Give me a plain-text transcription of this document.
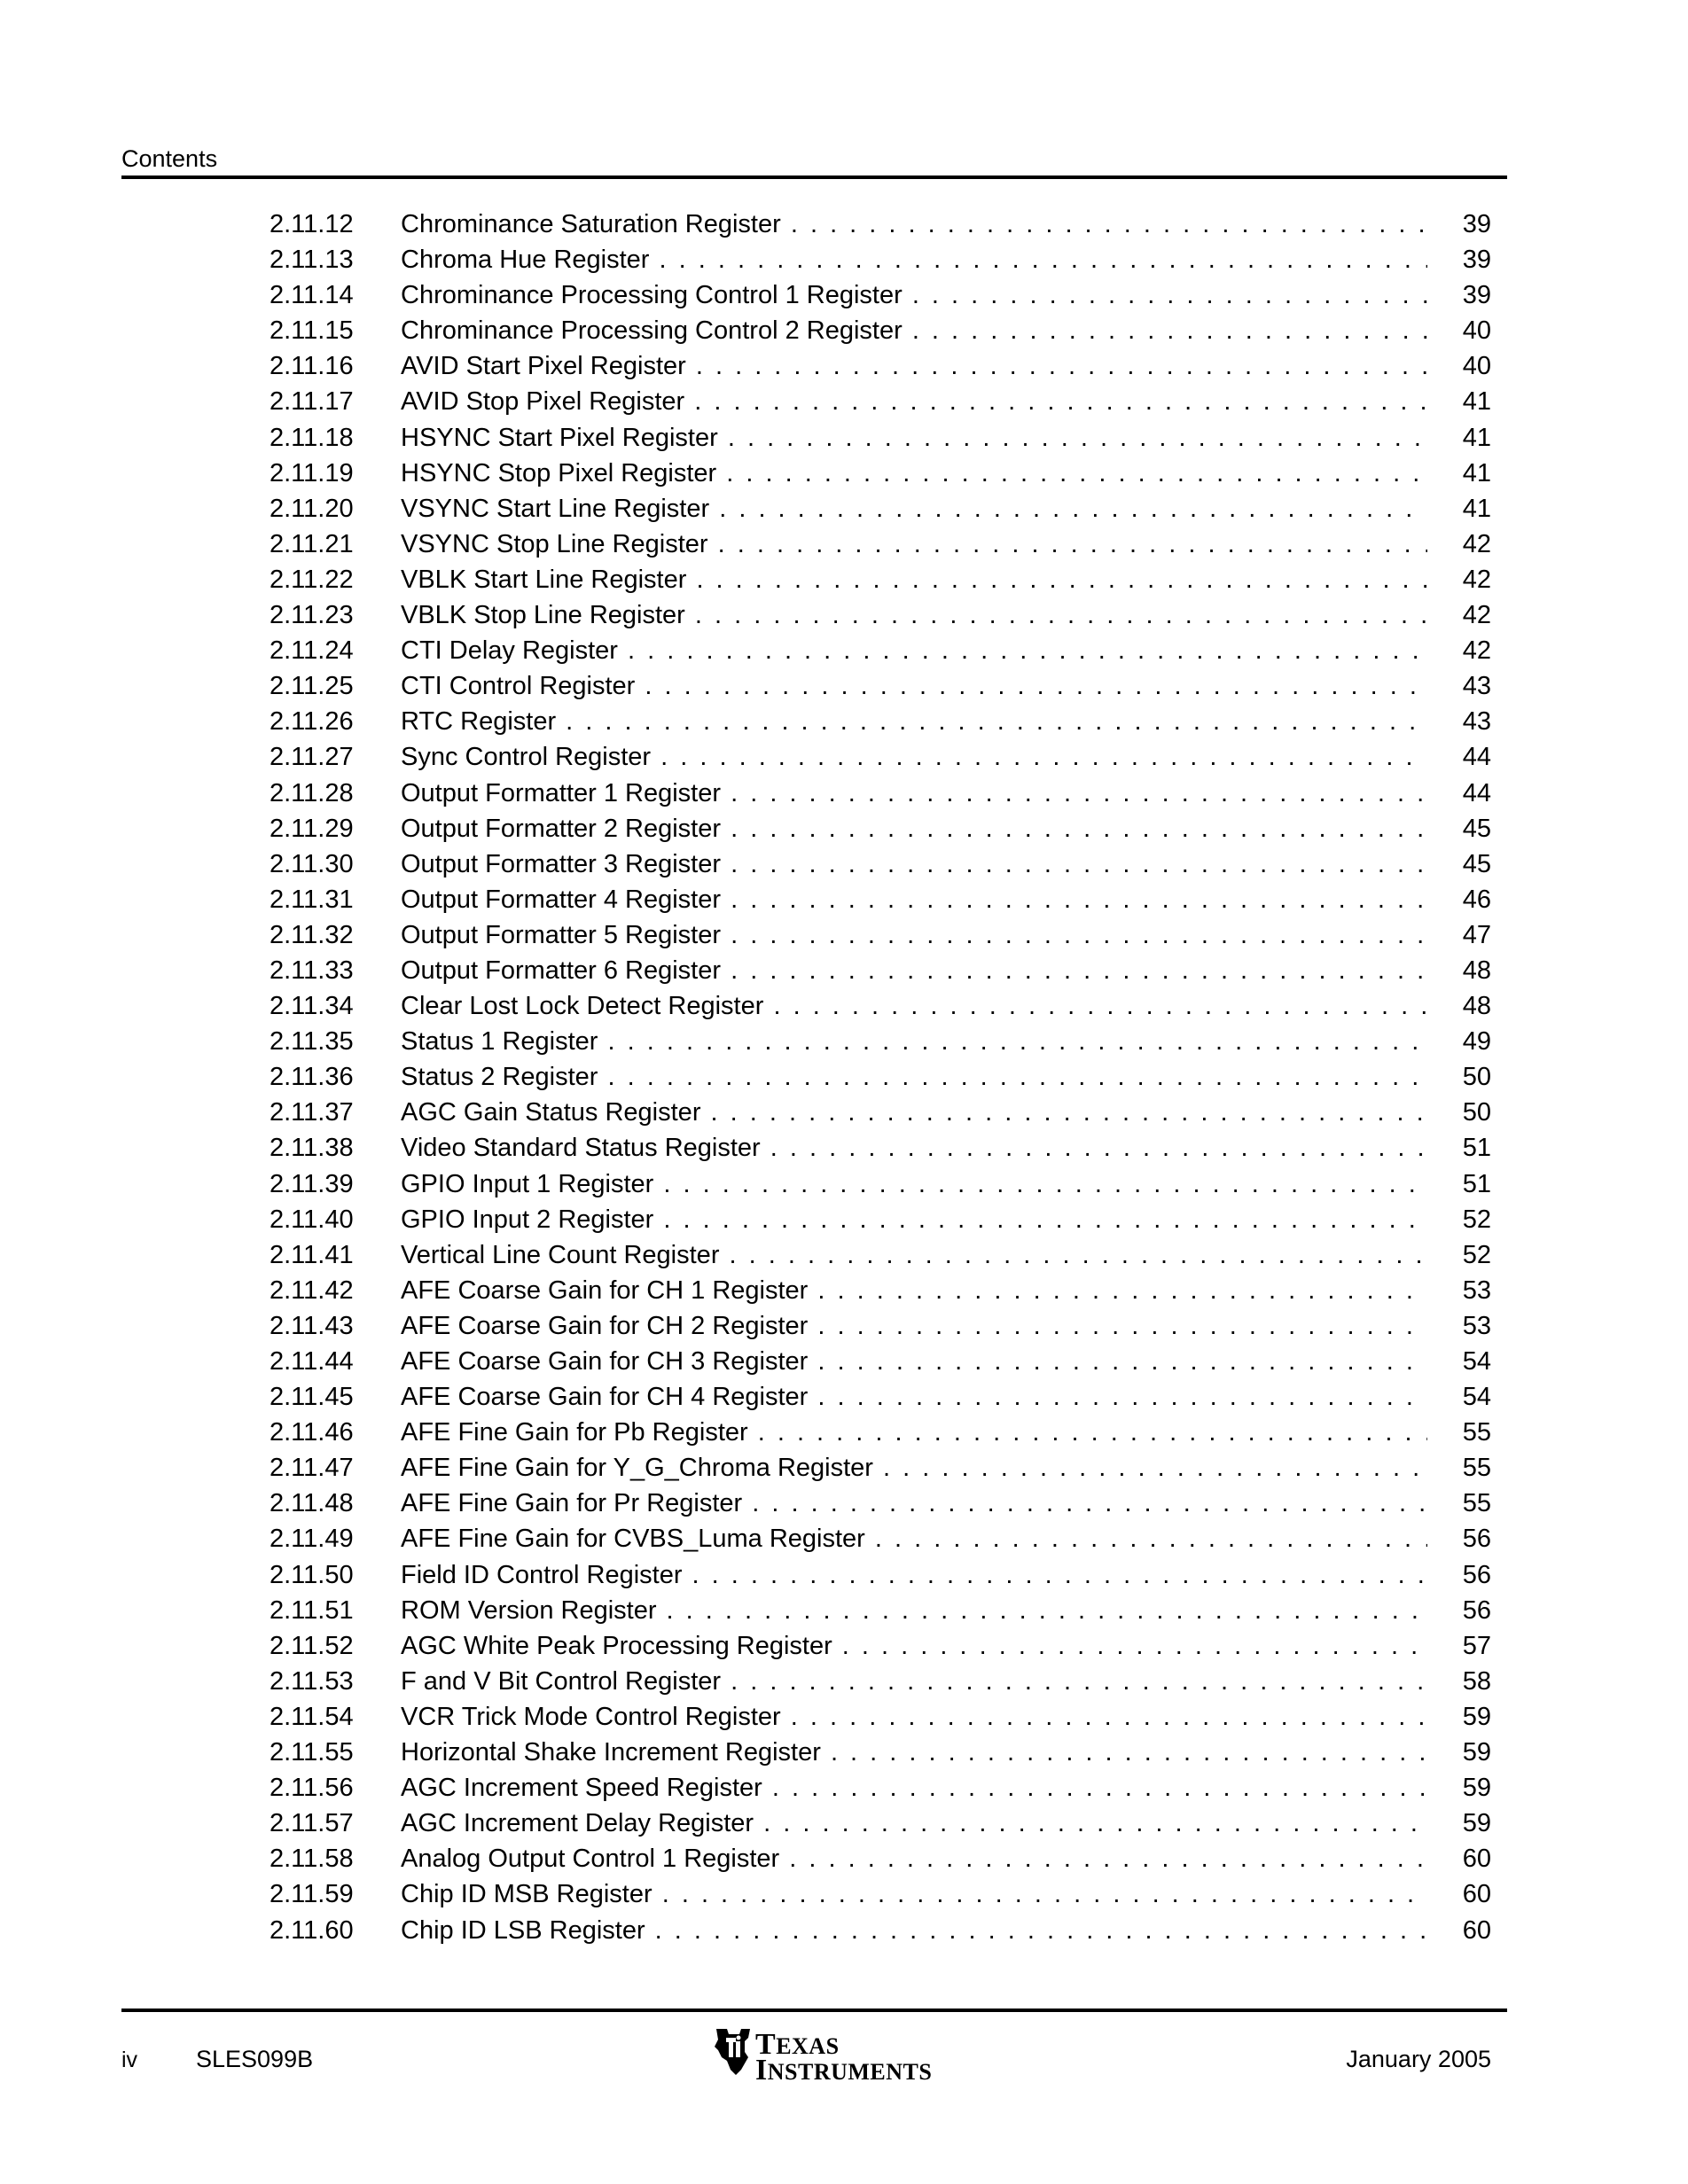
Contents
2.11.12 Chrominance Saturation Register . . .	39
2.11.13 Chroma Hue Register . . .	39
2.11.14 Chrominance Processing Control 1 Register . . .	39
2.11.15 Chrominance Processing Control 2 Register . . .	40
2.11.16 AVID Start Pixel Register . . .	40
2.11.17 AVID Stop Pixel Register . . .	41
2.11.18 HSYNC Start Pixel Register . . .	41
2.11.19 HSYNC Stop Pixel Register . . .	41
2.11.20 VSYNC Start Line Register . . .	41
2.11.21 VSYNC Stop Line Register . . .	42
2.11.22 VBLK Start Line Register . . .	42
2.11.23 VBLK Stop Line Register . . .	42
2.11.24 CTI Delay Register . . .	42
2.11.25 CTI Control Register . . .	43
2.11.26 RTC Register . . .	43
2.11.27 Sync Control Register . . .	44
2.11.28 Output Formatter 1 Register . . .	44
2.11.29 Output Formatter 2 Register . . .	45
2.11.30 Output Formatter 3 Register . . .	45
2.11.31 Output Formatter 4 Register . . .	46
2.11.32 Output Formatter 5 Register . . .	47
2.11.33 Output Formatter 6 Register . . .	48
2.11.34 Clear Lost Lock Detect Register . . .	48
2.11.35 Status 1 Register . . .	49
2.11.36 Status 2 Register . . .	50
2.11.37 AGC Gain Status Register . . .	50
2.11.38 Video Standard Status Register . . .	51
2.11.39 GPIO Input 1 Register . . .	51
2.11.40 GPIO Input 2 Register . . .	52
2.11.41 Vertical Line Count Register . . .	52
2.11.42 AFE Coarse Gain for CH 1 Register . . .	53
2.11.43 AFE Coarse Gain for CH 2 Register . . .	53
2.11.44 AFE Coarse Gain for CH 3 Register . . .	54
2.11.45 AFE Coarse Gain for CH 4 Register . . .	54
2.11.46 AFE Fine Gain for Pb Register . . .	55
2.11.47 AFE Fine Gain for Y_G_Chroma Register . . .	55
2.11.48 AFE Fine Gain for Pr Register . . .	55
2.11.49 AFE Fine Gain for CVBS_Luma Register . . .	56
2.11.50 Field ID Control Register . . .	56
2.11.51 ROM Version Register . . .	56
2.11.52 AGC White Peak Processing Register . . .	57
2.11.53 F and V Bit Control Register . . .	58
2.11.54 VCR Trick Mode Control Register . . .	59
2.11.55 Horizontal Shake Increment Register . . .	59
2.11.56 AGC Increment Speed Register . . .	59
2.11.57 AGC Increment Delay Register . . .	59
2.11.58 Analog Output Control 1 Register . . .	60
2.11.59 Chip ID MSB Register . . .	60
2.11.60 Chip ID LSB Register . . .	60
iv SLES099B	TEXAS
INSTRUMENTS	January 2005
